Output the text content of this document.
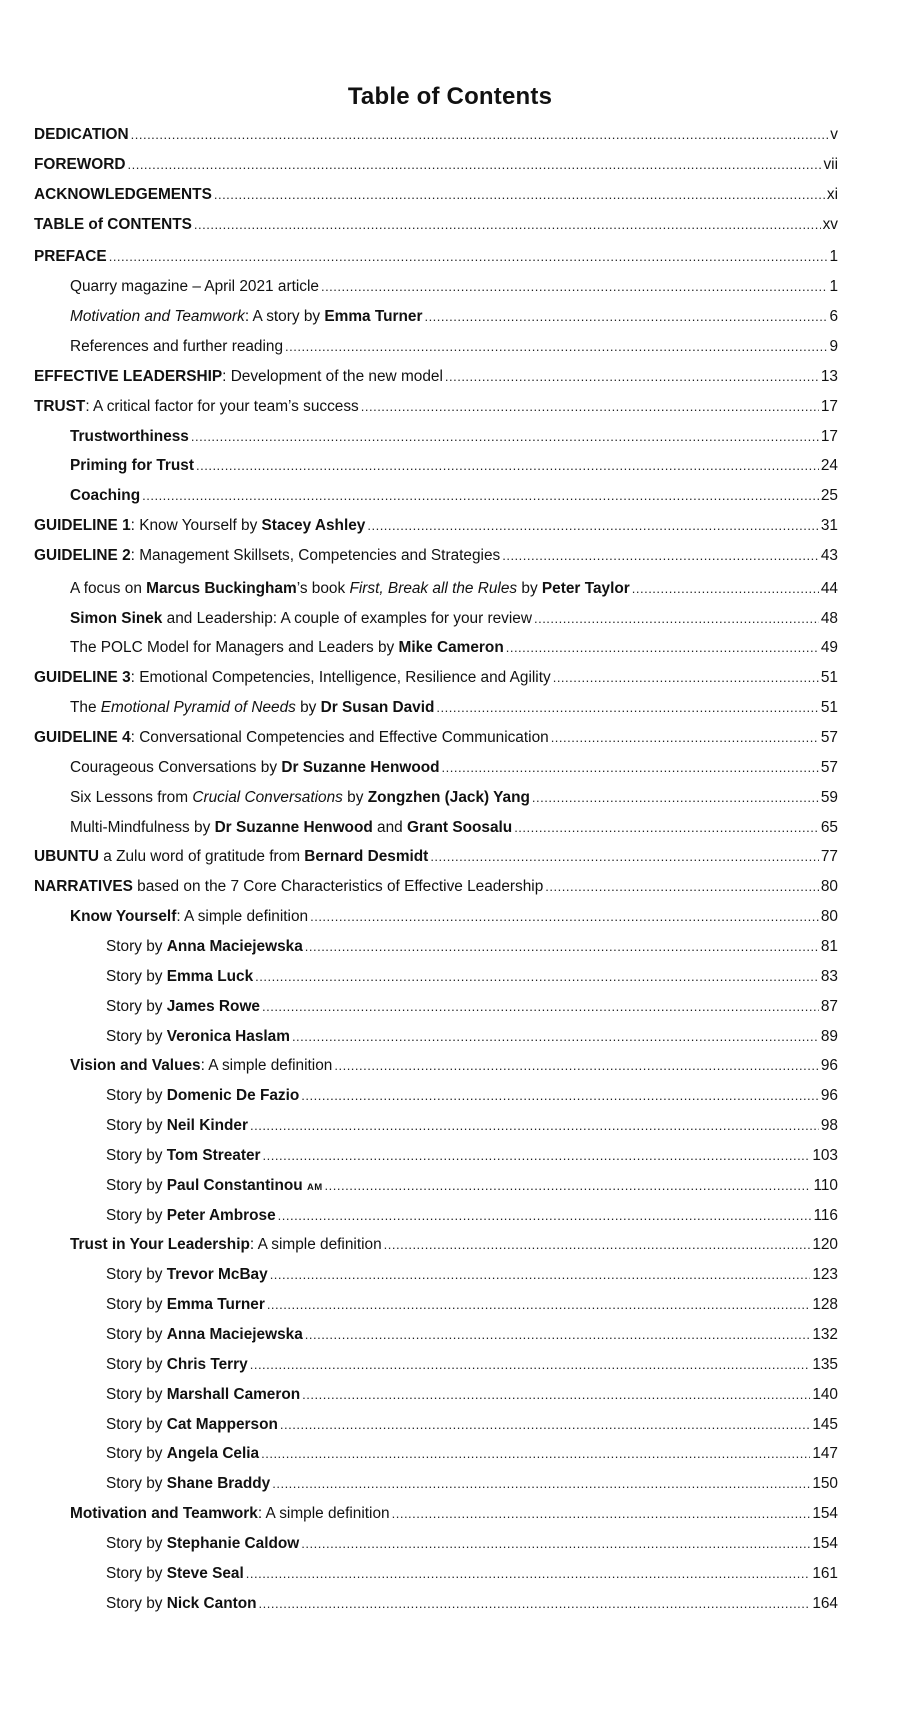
Table of Contents
DEDICATION .....	v
FOREWORD .....	vii
ACKNOWLEDGEMENTS .....	xi
TABLE of CONTENTS .....	xv
PREFACE .....	1
Quarry magazine – April 2021 article .....	1
Motivation and Teamwork: A story by Emma Turner .....	6
References and further reading .....	9
EFFECTIVE LEADERSHIP: Development of the new model .....	13
TRUST: A critical factor for your team’s success .....	17
Trustworthiness .....	17
Priming for Trust .....	24
Coaching .....	25
GUIDELINE 1: Know Yourself by Stacey Ashley .....	31
GUIDELINE 2: Management Skillsets, Competencies and Strategies .....	43
A focus on Marcus Buckingham’s book First, Break all the Rules by Peter Taylor .....	44
Simon Sinek and Leadership: A couple of examples for your review .....	48
The POLC Model for Managers and Leaders by Mike Cameron .....	49
GUIDELINE 3: Emotional Competencies, Intelligence, Resilience and Agility .....	51
The Emotional Pyramid of Needs by Dr Susan David .....	51
GUIDELINE 4: Conversational Competencies and Effective Communication .....	57
Courageous Conversations by Dr Suzanne Henwood .....	57
Six Lessons from Crucial Conversations by Zongzhen (Jack) Yang .....	59
Multi-Mindfulness by Dr Suzanne Henwood and Grant Soosalu .....	65
UBUNTU a Zulu word of gratitude from Bernard Desmidt .....	77
NARRATIVES based on the 7 Core Characteristics of Effective Leadership .....	80
Know Yourself: A simple definition .....	80
Story by Anna Maciejewska .....	81
Story by Emma Luck .....	83
Story by James Rowe .....	87
Story by Veronica Haslam .....	89
Vision and Values: A simple definition .....	96
Story by Domenic De Fazio .....	96
Story by Neil Kinder .....	98
Story by Tom Streater .....	103
Story by Paul Constantinou AM .....	110
Story by Peter Ambrose .....	116
Trust in Your Leadership: A simple definition .....	120
Story by Trevor McBay .....	123
Story by Emma Turner .....	128
Story by Anna Maciejewska .....	132
Story by Chris Terry .....	135
Story by Marshall Cameron .....	140
Story by Cat Mapperson .....	145
Story by Angela Celia .....	147
Story by Shane Braddy .....	150
Motivation and Teamwork: A simple definition .....	154
Story by Stephanie Caldow .....	154
Story by Steve Seal .....	161
Story by Nick Canton .....	164
